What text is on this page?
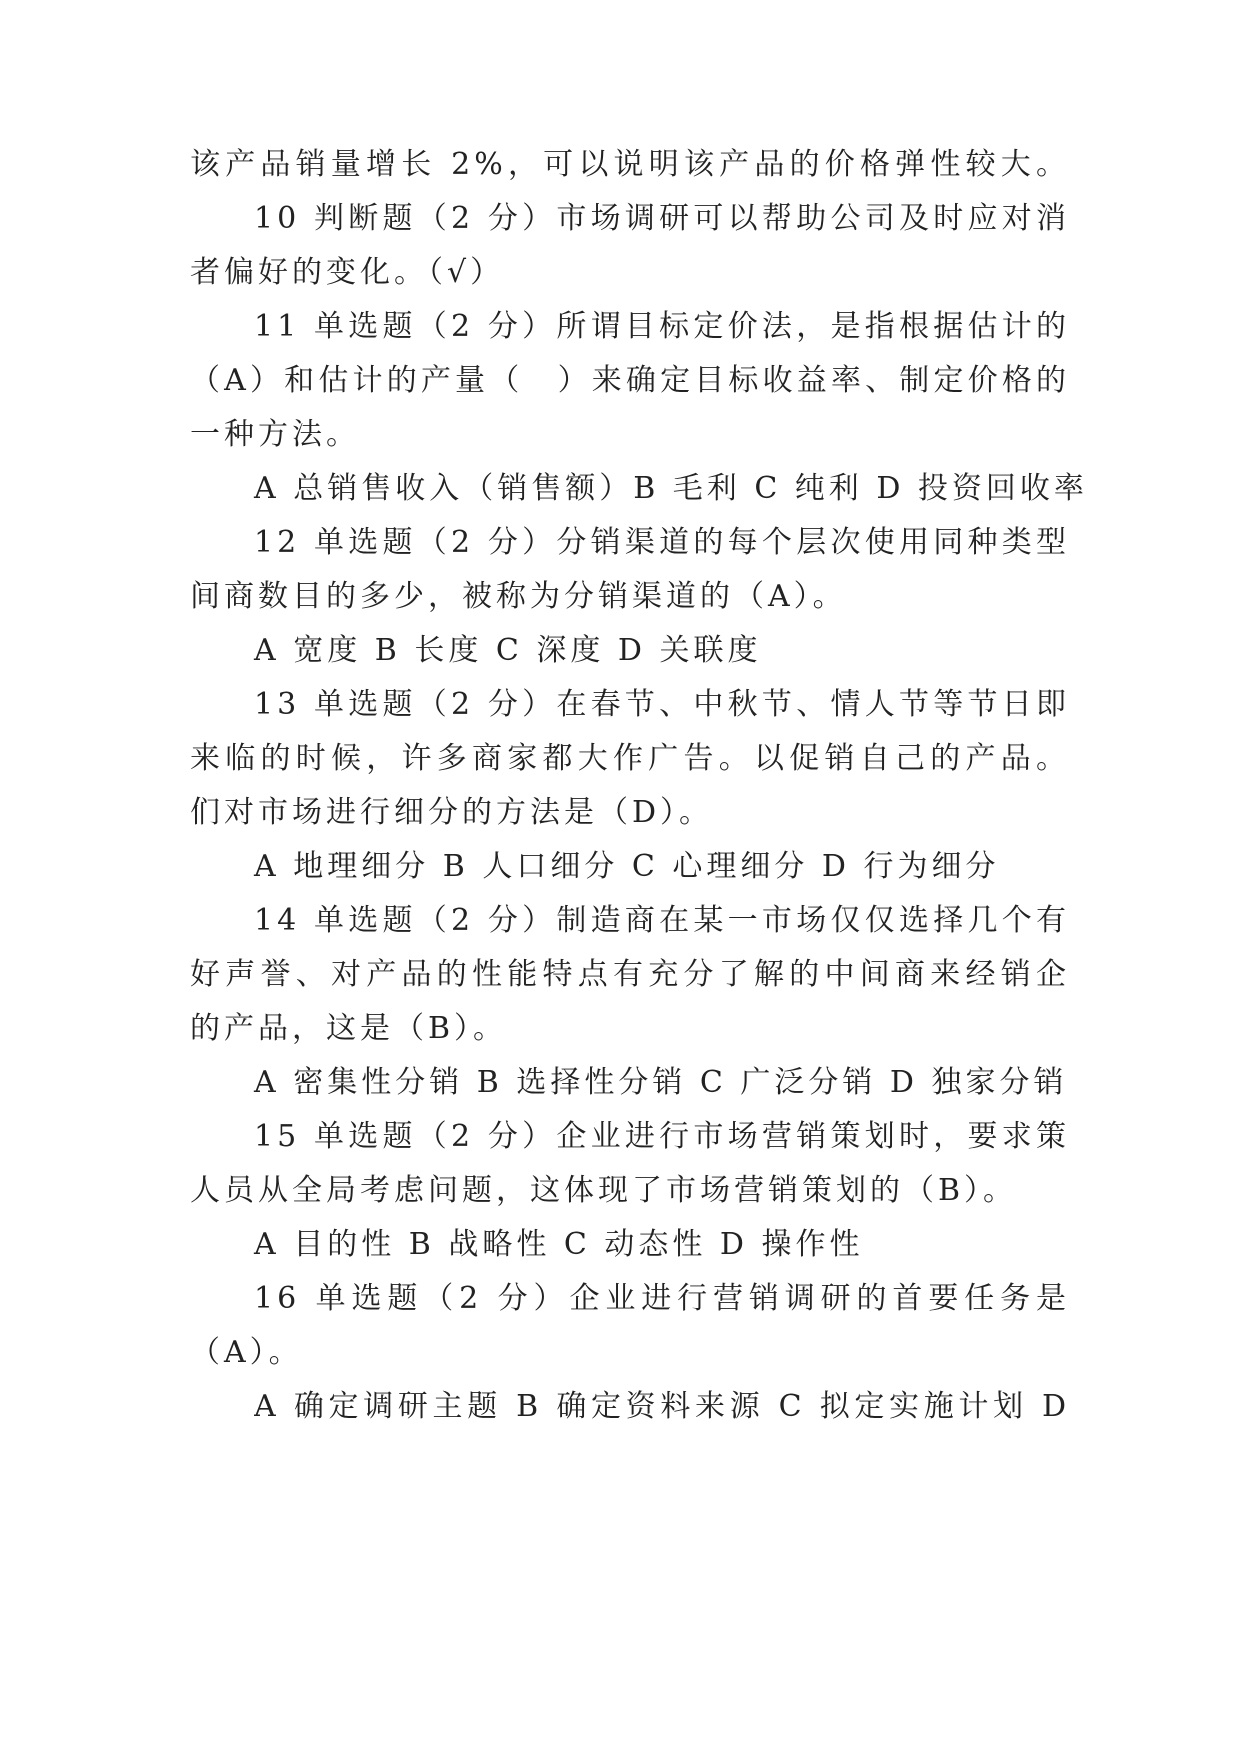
该产品销量增长 2%，可以说明该产品的价格弹性较大。
10 判断题（2 分）市场调研可以帮助公司及时应对消
者偏好的变化。（√）
11 单选题（2 分）所谓目标定价法，是指根据估计的
（A）和估计的产量（　）来确定目标收益率、制定价格的
一种方法。
A 总销售收入（销售额）B 毛利 C 纯利 D 投资回收率
12 单选题（2 分）分销渠道的每个层次使用同种类型
间商数目的多少，被称为分销渠道的（A）。
A 宽度 B 长度 C 深度 D 关联度
13 单选题（2 分）在春节、中秋节、情人节等节日即
来临的时候，许多商家都大作广告。以促销自己的产品。
们对市场进行细分的方法是（D）。
A 地理细分 B 人口细分 C 心理细分 D 行为细分
14 单选题（2 分）制造商在某一市场仅仅选择几个有
好声誉、对产品的性能特点有充分了解的中间商来经销企
的产品，这是（B）。
A 密集性分销 B 选择性分销 C 广泛分销 D 独家分销
15 单选题（2 分）企业进行市场营销策划时，要求策
人员从全局考虑问题，这体现了市场营销策划的（B）。
A 目的性 B 战略性 C 动态性 D 操作性
16 单选题（2 分）企业进行营销调研的首要任务是
（A）。
A 确定调研主题 B 确定资料来源 C 拟定实施计划 D
